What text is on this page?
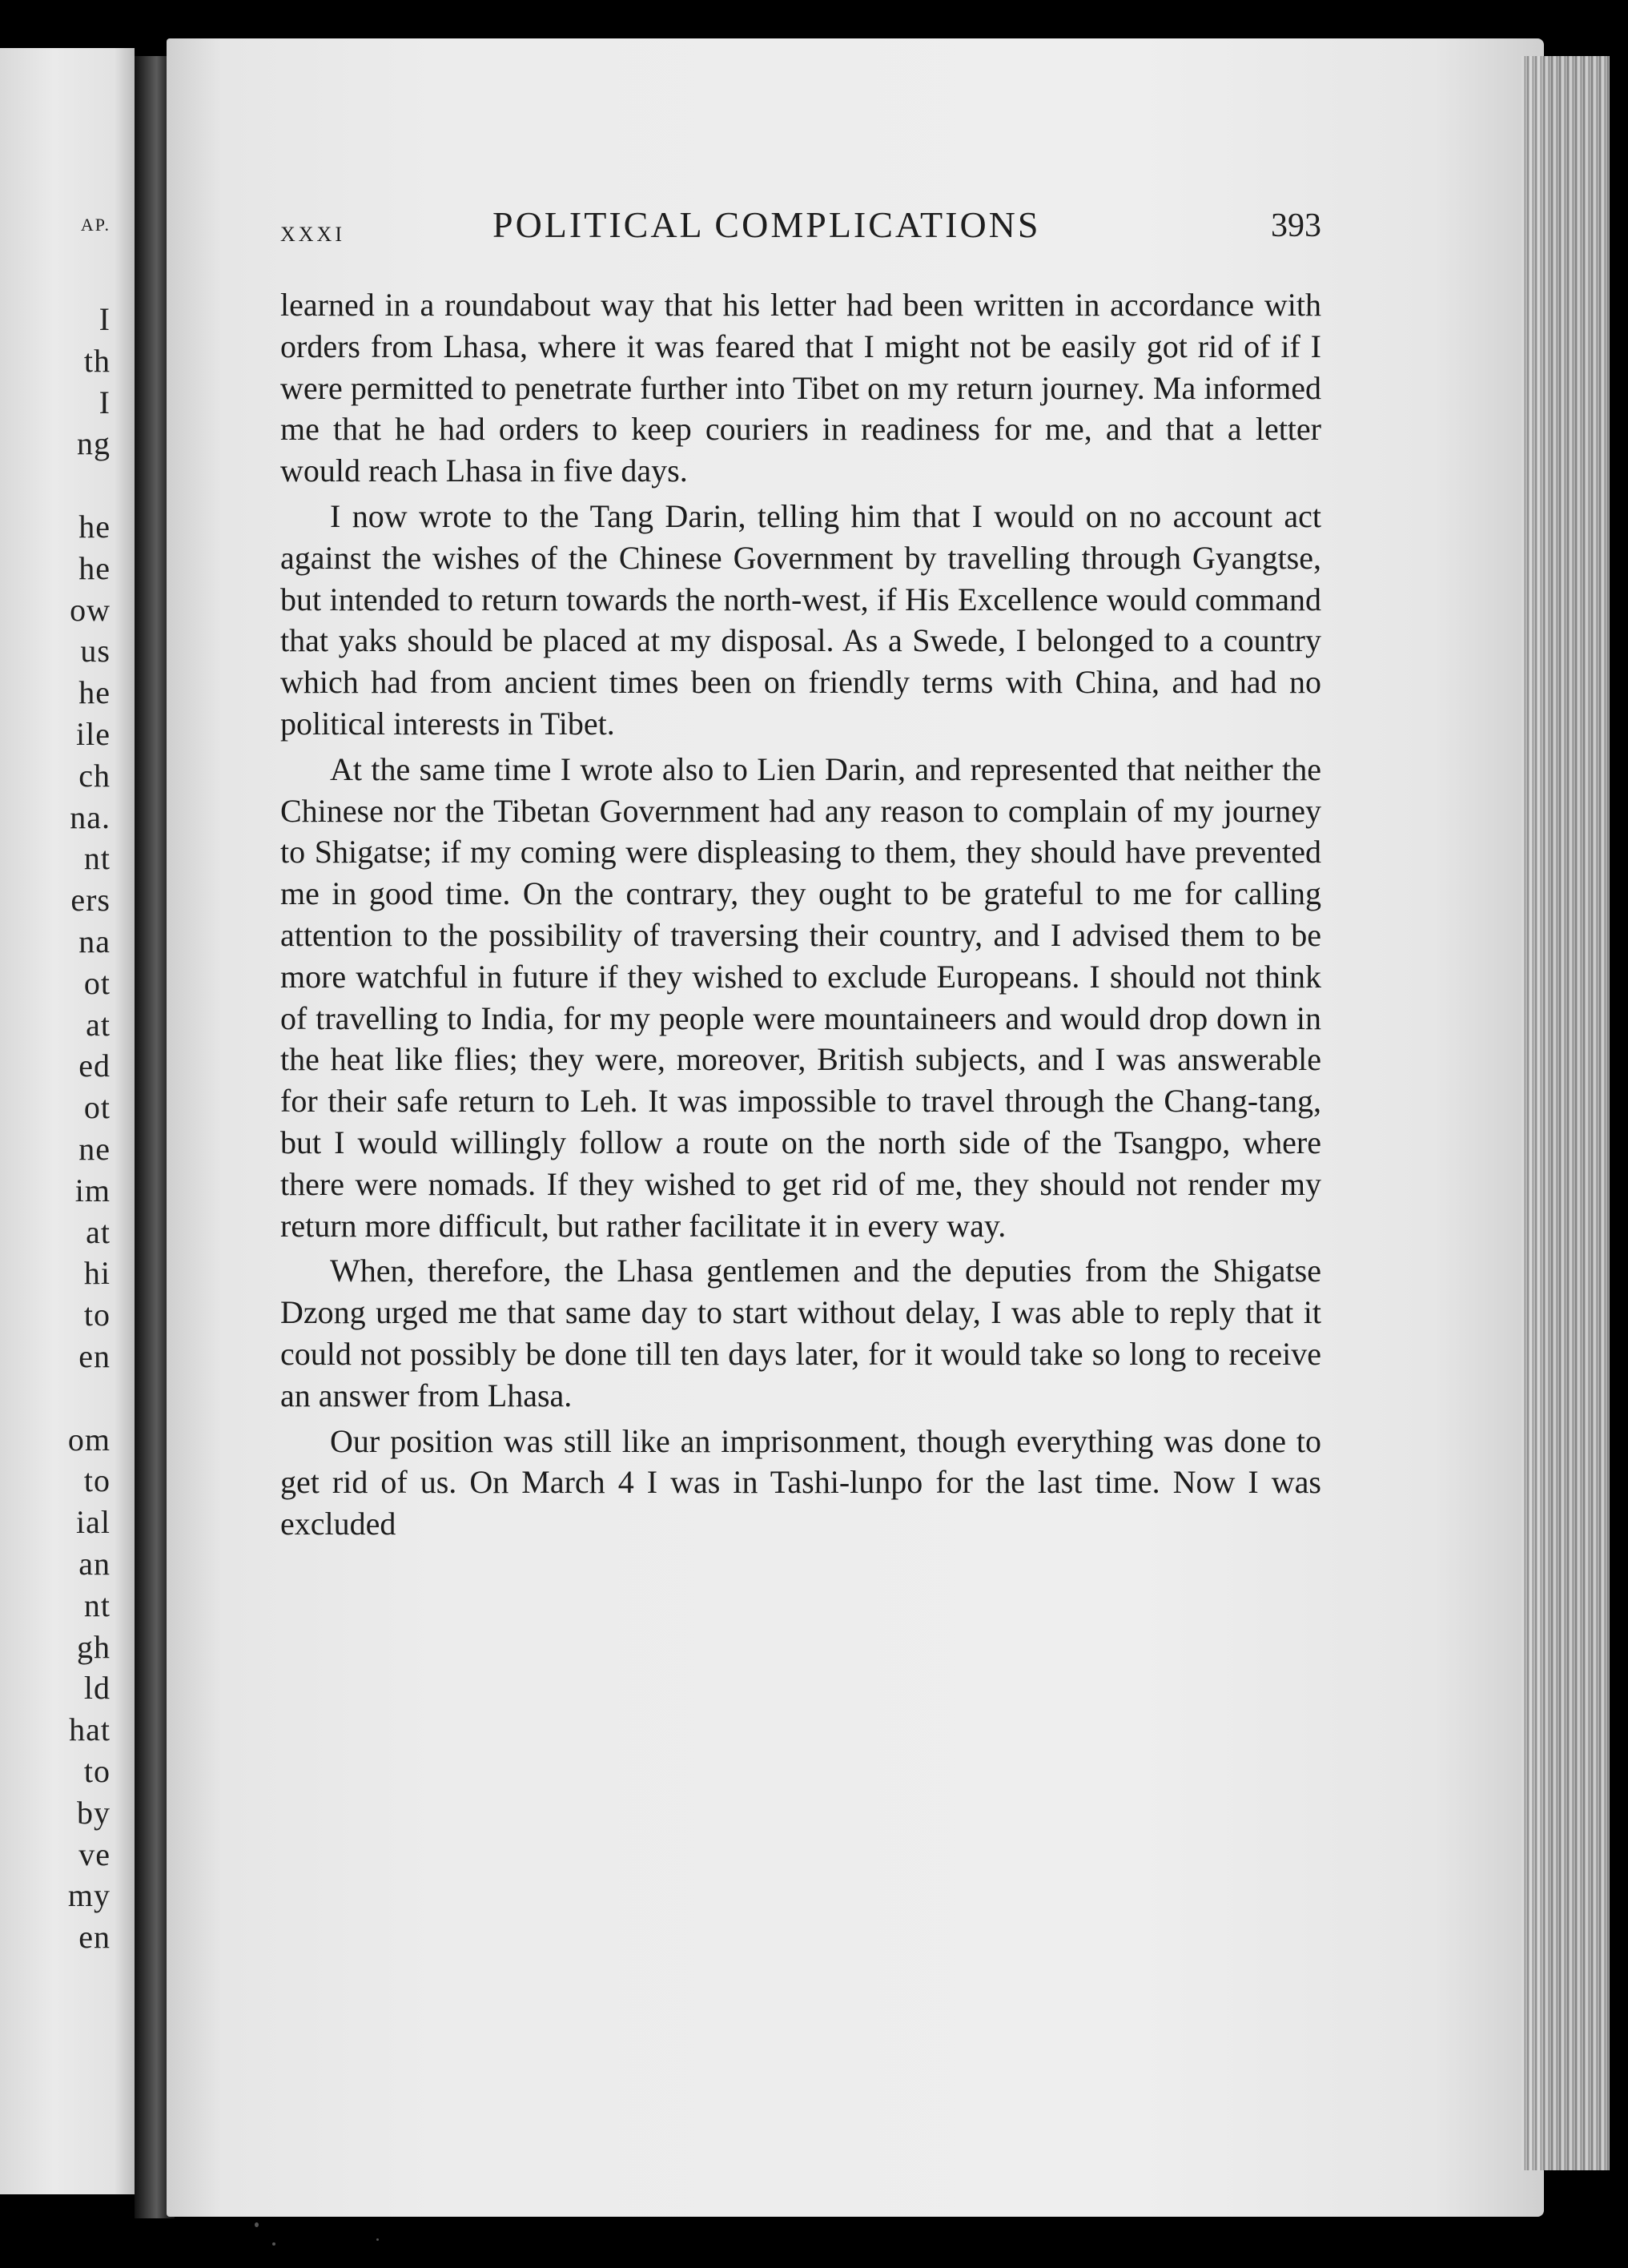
AP.
I
th
I
ng
he
he
ow
us
he
ile
ch
na.
nt
ers
na
ot
at
ed
ot
ne
im
at
hi
to
en
om
to
ial
an
nt
gh
ld
hat
to
by
ve
my
en
XXXI	POLITICAL COMPLICATIONS	393

learned in a roundabout way that his letter had been written in accordance with orders from Lhasa, where it was feared that I might not be easily got rid of if I were permitted to penetrate further into Tibet on my return journey. Ma informed me that he had orders to keep couriers in readiness for me, and that a letter would reach Lhasa in five days.

I now wrote to the Tang Darin, telling him that I would on no account act against the wishes of the Chinese Government by travelling through Gyangtse, but intended to return towards the north-west, if His Excellence would command that yaks should be placed at my disposal. As a Swede, I belonged to a country which had from ancient times been on friendly terms with China, and had no political interests in Tibet.

At the same time I wrote also to Lien Darin, and represented that neither the Chinese nor the Tibetan Government had any reason to complain of my journey to Shigatse; if my coming were displeasing to them, they should have prevented me in good time. On the contrary, they ought to be grateful to me for calling attention to the possibility of traversing their country, and I advised them to be more watchful in future if they wished to exclude Europeans. I should not think of travelling to India, for my people were mountaineers and would drop down in the heat like flies; they were, moreover, British subjects, and I was answerable for their safe return to Leh. It was impossible to travel through the Chang-tang, but I would willingly follow a route on the north side of the Tsangpo, where there were nomads. If they wished to get rid of me, they should not render my return more difficult, but rather facilitate it in every way.

When, therefore, the Lhasa gentlemen and the deputies from the Shigatse Dzong urged me that same day to start without delay, I was able to reply that it could not possibly be done till ten days later, for it would take so long to receive an answer from Lhasa.

Our position was still like an imprisonment, though everything was done to get rid of us. On March 4 I was in Tashi-lunpo for the last time. Now I was excluded
